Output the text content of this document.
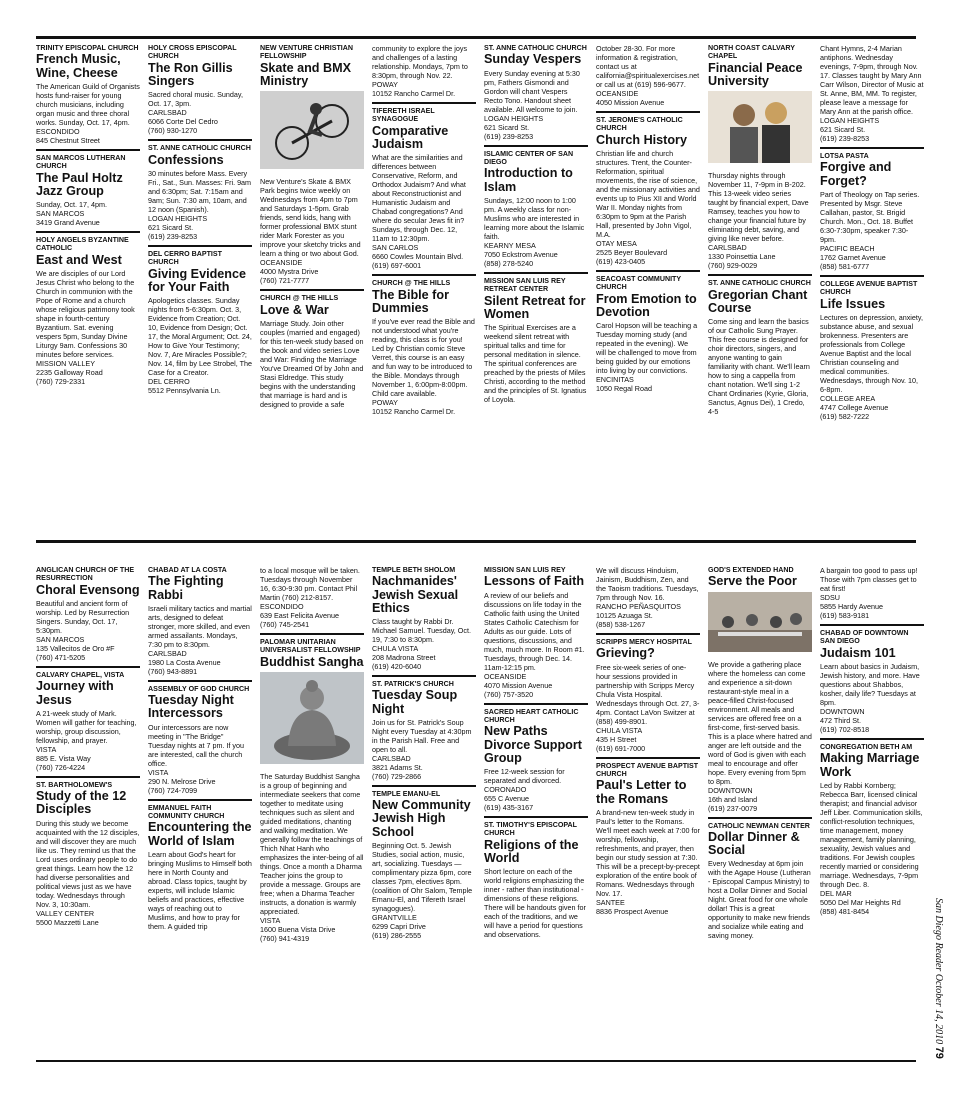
TRINITY EPISCOPAL CHURCH
French Music, Wine, Cheese
The American Guild of Organists hosts fund-raiser for young church musicians, including organ music and three choral works. Sunday, Oct. 17, 4pm.
ESCONDIDO
845 Chestnut Street
SAN MARCOS LUTHERAN CHURCH
The Paul Holtz Jazz Group
Sunday, Oct. 17, 4pm.
SAN MARCOS
3419 Grand Avenue
HOLY ANGELS BYZANTINE CATHOLIC
East and West
We are disciples of our Lord Jesus Christ who belong to the Church in communion with the Pope of Rome and a church whose religious patrimony took shape in fourth-century Byzantium. Sat. evening vespers 5pm, Sunday Divine Liturgy 9am. Confessions 30 minutes before services.
MISSION VALLEY
2235 Galloway Road
(760) 729-2331
HOLY CROSS EPISCOPAL CHURCH
The Ron Gillis Singers
Sacred choral music. Sunday, Oct. 17, 3pm.
CARLSBAD
6066 Corte Del Cedro
(760) 930-1270
ST. ANNE CATHOLIC CHURCH
Confessions
30 minutes before Mass. Every Fri., Sat., Sun. Masses: Fri. 9am and 6:30pm; Sat. 7:15am and 9am; Sun. 7:30 am, 10am, and 12 noon (Spanish).
LOGAN HEIGHTS
621 Sicard St.
(619) 239-8253
DEL CERRO BAPTIST CHURCH
Giving Evidence for Your Faith
Apologetics classes. Sunday nights from 5-6:30pm. Oct. 3, Evidence from Creation; Oct. 10, Evidence from Design; Oct. 17, the Moral Argument; Oct. 24, How to Give Your Testimony; Nov. 7, Are Miracles Possible?; Nov. 14, film by Lee Strobel, The Case for a Creator.
DEL CERRO
5512 Pennsylvania Ln.
NEW VENTURE CHRISTIAN FELLOWSHIP
Skate and BMX Ministry
New Venture's Skate & BMX Park begins twice weekly on Wednesdays from 4pm to 7pm and Saturdays 1-5pm. Grab friends, send kids, hang with former professional BMX stunt rider Mark Forester as you improve your sketchy tricks and learn a thing or two about God.
OCEANSIDE
4000 Mystra Drive
(760) 721-7777
CHURCH @ THE HILLS
Love & War
Marriage Study. Join other couples (married and engaged) for this ten-week study based on the book and video series Love and War: Finding the Marriage You've Dreamed Of by John and Stasi Eldredge. This study begins with the understanding that marriage is hard and is designed to provide a safe
community to explore the joys and challenges of a lasting relationship. Mondays, 7pm to 8:30pm, through Nov. 22.
POWAY
10152 Rancho Carmel Dr.
TIFERETH ISRAEL SYNAGOGUE
Comparative Judaism
What are the similarities and differences between Conservative, Reform, and Orthodox Judaism? And what about Reconstructionist and Humanistic Judaism and Chabad congregations? And where do secular Jews fit in? Sundays, through Dec. 12, 11am to 12:30pm.
SAN CARLOS
6660 Cowles Mountain Blvd.
(619) 697-6001
CHURCH @ THE HILLS
The Bible for Dummies
If you've ever read the Bible and not understood what you're reading, this class is for you! Led by Christian comic Steve Verret, this course is an easy and fun way to be introduced to the Bible. Mondays through November 1, 6:00pm-8:00pm. Child care available.
POWAY
10152 Rancho Carmel Dr.
ST. ANNE CATHOLIC CHURCH
Sunday Vespers
Every Sunday evening at 5:30 pm, Fathers Gismondi and Gordon will chant Vespers Recto Tono. Handout sheet available. All welcome to join.
LOGAN HEIGHTS
621 Sicard St.
(619) 239-8253
ISLAMIC CENTER OF SAN DIEGO
Introduction to Islam
Sundays, 12:00 noon to 1:00 pm. A weekly class for non-Muslims who are interested in learning more about the Islamic faith.
KEARNY MESA
7050 Eckstrom Avenue
(858) 278-5240
MISSION SAN LUIS REY RETREAT CENTER
Silent Retreat for Women
The Spiritual Exercises are a weekend silent retreat with spiritual talks and time for personal meditation in silence. The spiritual conferences are preached by the priests of Miles Christi, according to the method and the principles of St. Ignatius of Loyola.
October 28-30. For more information & registration, contact us at california@spiritualexercises.net or call us at (619) 596-9677.
OCEANSIDE
4050 Mission Avenue
ST. JEROME'S CATHOLIC CHURCH
Church History
Christian life and church structures. Trent, the Counter-Reformation, spiritual movements, the rise of science, and the missionary activities and events up to Pius XII and World War II. Monday nights from 6:30pm to 9pm at the Parish Hall, presented by John Vigol, M.A.
OTAY MESA
2525 Beyer Boulevard
(619) 423-0405
SEACOAST COMMUNITY CHURCH
From Emotion to Devotion
Carol Hopson will be teaching a Tuesday morning study (and repeated in the evening). We will be challenged to move from being guided by our emotions into living by our convictions.
ENCINITAS
1050 Regal Road
NORTH COAST CALVARY CHAPEL
Financial Peace University
Thursday nights through November 11, 7-9pm in B-202. This 13-week video series taught by financial expert, Dave Ramsey, teaches you how to change your financial future by eliminating debt, saving, and giving like never before.
CARLSBAD
1330 Poinsettia Lane
(760) 929-0029
ST. ANNE CATHOLIC CHURCH
Gregorian Chant Course
Come sing and learn the basics of our Catholic Sung Prayer. This free course is designed for choir directors, singers, and anyone wanting to gain familiarity with chant. We'll learn how to sing a cappella from chant notation. We'll sing 1-2 Chant Ordinaries (Kyrie, Gloria, Sanctus, Agnus Dei), 1 Credo, 4-5
Chant Hymns, 2-4 Marian antiphons. Wednesday evenings, 7-9pm, through Nov. 17. Classes taught by Mary Ann Carr Wilson, Director of Music at St. Anne, BM, MM. To register, please leave a message for Mary Ann at the parish office.
LOGAN HEIGHTS
621 Sicard St.
(619) 239-8253
LOTSA PASTA
Forgive and Forget?
Part of Theology on Tap series. Presented by Msgr. Steve Callahan, pastor, St. Brigid Church. Mon., Oct. 18. Buffet 6:30-7:30pm, speaker 7:30-9pm.
PACIFIC BEACH
1762 Garnet Avenue
(858) 581-6777
COLLEGE AVENUE BAPTIST CHURCH
Life Issues
Lectures on depression, anxiety, substance abuse, and sexual brokenness. Presenters are professionals from College Avenue Baptist and the local Christian counseling and medical communities. Wednesdays, through Nov. 10, 6-8pm.
COLLEGE AREA
4747 College Avenue
(619) 582-7222
ANGLICAN CHURCH OF THE RESURRECTION
Choral Evensong
Beautiful and ancient form of worship. Led by Resurrection Singers. Sunday, Oct. 17, 5:30pm.
SAN MARCOS
135 Vallecitos de Oro #F
(760) 471-5205
CALVARY CHAPEL, VISTA
Journey with Jesus
A 21-week study of Mark. Women will gather for teaching, worship, group discussion, fellowship, and prayer.
VISTA
885 E. Vista Way
(760) 726-4224
ST. BARTHOLOMEW'S
Study of the 12 Disciples
During this study we become acquainted with the 12 disciples, and will discover they are much like us. They remind us that the Lord uses ordinary people to do great things. Learn how the 12 had diverse personalities and political views just as we have today. Wednesdays through Nov. 3, 10:30am.
VALLEY CENTER
5500 Mazzetti Lane
CHABAD AT LA COSTA
The Fighting Rabbi
Israeli military tactics and martial arts, designed to defeat stronger, more skilled, and even armed assailants. Mondays, 7:30 pm to 8:30pm.
CARLSBAD
1980 La Costa Avenue
(760) 943-8891
ASSEMBLY OF GOD CHURCH
Tuesday Night Intercessors
Our intercessors are now meeting in "The Bridge" Tuesday nights at 7 pm. If you are interested, call the church office.
VISTA
290 N. Melrose Drive
(760) 724-7099
EMMANUEL FAITH COMMUNITY CHURCH
Encountering the World of Islam
Learn about God's heart for bringing Muslims to Himself both here in North County and abroad. Class topics, taught by experts, will include Islamic beliefs and practices, effective ways of reaching out to Muslims, and how to pray for them. A guided trip
to a local mosque will be taken. Tuesdays through November 16, 6:30-9:30 pm. Contact Phil Martin (760) 212-8157.
ESCONDIDO
639 East Felicita Avenue
(760) 745-2541
PALOMAR UNITARIAN UNIVERSALIST FELLOWSHIP
Buddhist Sangha
The Saturday Buddhist Sangha is a group of beginning and intermediate seekers that come together to meditate using techniques such as silent and guided meditations, chanting and walking meditation. We generally follow the teachings of Thich Nhat Hanh who emphasizes the inter-being of all things. Once a month a Dharma Teacher joins the group to provide a message. Groups are free; when a Dharma Teacher instructs, a donation is warmly appreciated.
VISTA
1600 Buena Vista Drive
(760) 941-4319
TEMPLE BETH SHOLOM
Nachmanides' Jewish Sexual Ethics
Class taught by Rabbi Dr. Michael Samuel. Tuesday, Oct. 19, 7:30 to 8:30pm.
CHULA VISTA
208 Madrona Street
(619) 420-6040
ST. PATRICK'S CHURCH
Tuesday Soup Night
Join us for St. Patrick's Soup Night every Tuesday at 4:30pm in the Parish Hall. Free and open to all.
CARLSBAD
3821 Adams St.
(760) 729-2866
TEMPLE EMANU-EL
New Community Jewish High School
Beginning Oct. 5. Jewish Studies, social action, music, art, socializing. Tuesdays — complimentary pizza 6pm, core classes 7pm, electives 8pm. (coalition of Ohr Salom, Temple Emanu-El, and Tifereth Israel synagogues).
GRANTVILLE
6299 Capri Drive
(619) 286-2555
MISSION SAN LUIS REY
Lessons of Faith
A review of our beliefs and discussions on life today in the Catholic faith using the United States Catholic Catechism for Adults as our guide. Lots of questions, discussions, and much, much more. In Room #1. Tuesdays, through Dec. 14. 11am-12:15 pm.
OCEANSIDE
4070 Mission Avenue
(760) 757-3520
SACRED HEART CATHOLIC CHURCH
New Paths Divorce Support Group
Free 12-week session for separated and divorced.
CORONADO
655 C Avenue
(619) 435-3167
ST. TIMOTHY'S EPISCOPAL CHURCH
Religions of the World
Short lecture on each of the world religions emphasizing the inner - rather than institutional - dimensions of these religions. There will be handouts given for each of the traditions, and we will have a period for questions and observations.
We will discuss Hinduism, Jainism, Buddhism, Zen, and the Taoism traditions. Tuesdays, 7pm through Nov. 16.
RANCHO PEÑASQUITOS
10125 Azuaga St.
(858) 538-1267
SCRIPPS MERCY HOSPITAL
Grieving?
Free six-week series of one-hour sessions provided in partnership with Scripps Mercy Chula Vista Hospital. Wednesdays through Oct. 27, 3-4pm. Contact LaVon Switzer at (858) 499-8901.
CHULA VISTA
435 H Street
(619) 691-7000
PROSPECT AVENUE BAPTIST CHURCH
Paul's Letter to the Romans
A brand-new ten-week study in Paul's letter to the Romans. We'll meet each week at 7:00 for worship, fellowship, refreshments, and prayer, then begin our study session at 7:30. This will be a precept-by-precept exploration of the entire book of Romans. Wednesdays through Nov. 17.
SANTEE
8836 Prospect Avenue
GOD'S EXTENDED HAND
Serve the Poor
We provide a gathering place where the homeless can come and experience a sit-down restaurant-style meal in a peace-filled Christ-focused environment. All meals and services are offered free on a first-come, first-served basis. This is a place where hatred and anger are left outside and the word of God is given with each meal to encourage and offer hope. Every evening from 5pm to 8pm.
DOWNTOWN
16th and Island
(619) 237-0079
CATHOLIC NEWMAN CENTER
Dollar Dinner & Social
Every Wednesday at 6pm join with the Agape House (Lutheran - Episcopal Campus Ministry) to host a Dollar Dinner and Social Night. Great food for one whole dollar! This is a great opportunity to make new friends and socialize while eating and saving money.
A bargain too good to pass up! Those with 7pm classes get to eat first!
SDSU
5855 Hardy Avenue
(619) 583-9181
CHABAD OF DOWNTOWN SAN DIEGO
Judaism 101
Learn about basics in Judaism, Jewish history, and more. Have questions about Shabbos, kosher, daily life? Tuesdays at 8pm.
DOWNTOWN
472 Third St.
(619) 702-8518
CONGREGATION BETH AM
Making Marriage Work
Led by Rabbi Kornberg; Rebecca Barr, licensed clinical therapist; and financial advisor Jeff Liber. Communication skills, conflict-resolution techniques, time management, money management, family planning, sexuality, Jewish values and traditions. For Jewish couples recently married or considering marriage. Wednesdays, 7-9pm through Dec. 8.
DEL MAR
5050 Del Mar Heights Rd
(858) 481-8454	San Diego Reader October 14, 2010 79
